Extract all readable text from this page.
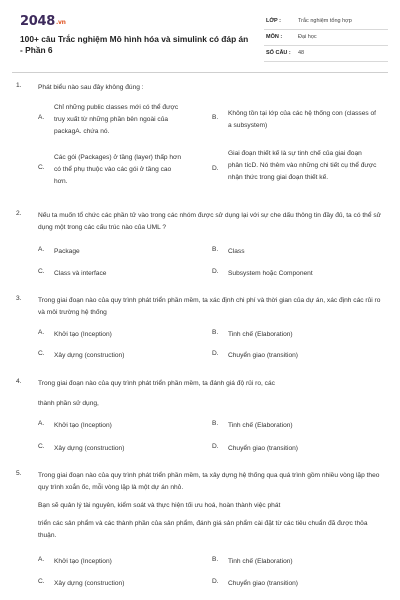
2048.vn
100+ câu Trắc nghiệm Mô hình hóa và simulink có đáp án - Phần 6
LỚP :	Trắc nghiệm tổng hợp
MÔN :	Đại học
SỐ CÂU : 48
1.	Phát biểu nào sau đây không đúng :
A.
Chỉ những public classes mới có thể được truy xuất từ những phần bên ngoài của packagA. chứa nó.
B.
Không tồn tại lớp của các hệ thống con (classes of a subsystem)
C.
Các gói (Packages) ở tầng (layer) thấp hơn có thể phụ thuộc vào các gói ở tầng cao hơn.
D.
Giai đoạn thiết kế là sự tinh chế của giai đoạn phân tícD. Nó thêm vào những chi tiết cụ thể được nhận thức trong giai đoạn thiết kế.
2.	Nếu ta muốn tổ chức các phần tử vào trong các nhóm được sử dụng lại với sự che dấu thông tin đầy đủ, ta có thể sử dụng một trong các cấu trúc nào của UML ?
A. Package	B. Class
C. Class và interface	D. Subsystem hoặc Component
3.	Trong giai đoạn nào của quy trình phát triển phần mềm, ta xác định chi phí và thời gian của dự án, xác định các rủi ro và môi trường hệ thống
A. Khởi tạo (Inception)	B. Tinh chế (Elaboration)
C. Xây dựng (construction)	D. Chuyển giao (transition)
4.	Trong giai đoạn nào của quy trình phát triển phần mềm, ta đánh giá độ rủi ro, các
thành phần sử dụng,
A. Khởi tạo (Inception)	B. Tinh chế (Elaboration)
C. Xây dựng (construction)	D. Chuyển giao (transition)
5.	Trong giai đoạn nào của quy trình phát triển phần mềm, ta xây dựng hệ thống qua quá trình gồm nhiều vòng lặp theo quy trình xoắn ốc, mỗi vòng lặp là một dự án nhỏ.
Bạn sẽ quản lý tài nguyên, kiểm soát và thực hiện tối ưu hoá, hoàn thành việc phát
triển các sản phẩm và các thành phần của sản phẩm, đánh giá sản phẩm cài đặt từ các tiêu chuẩn đã được thỏa thuận.
A. Khởi tạo (Inception)	B. Tinh chế (Elaboration)
C. Xây dựng (construction)	D. Chuyển giao (transition)
